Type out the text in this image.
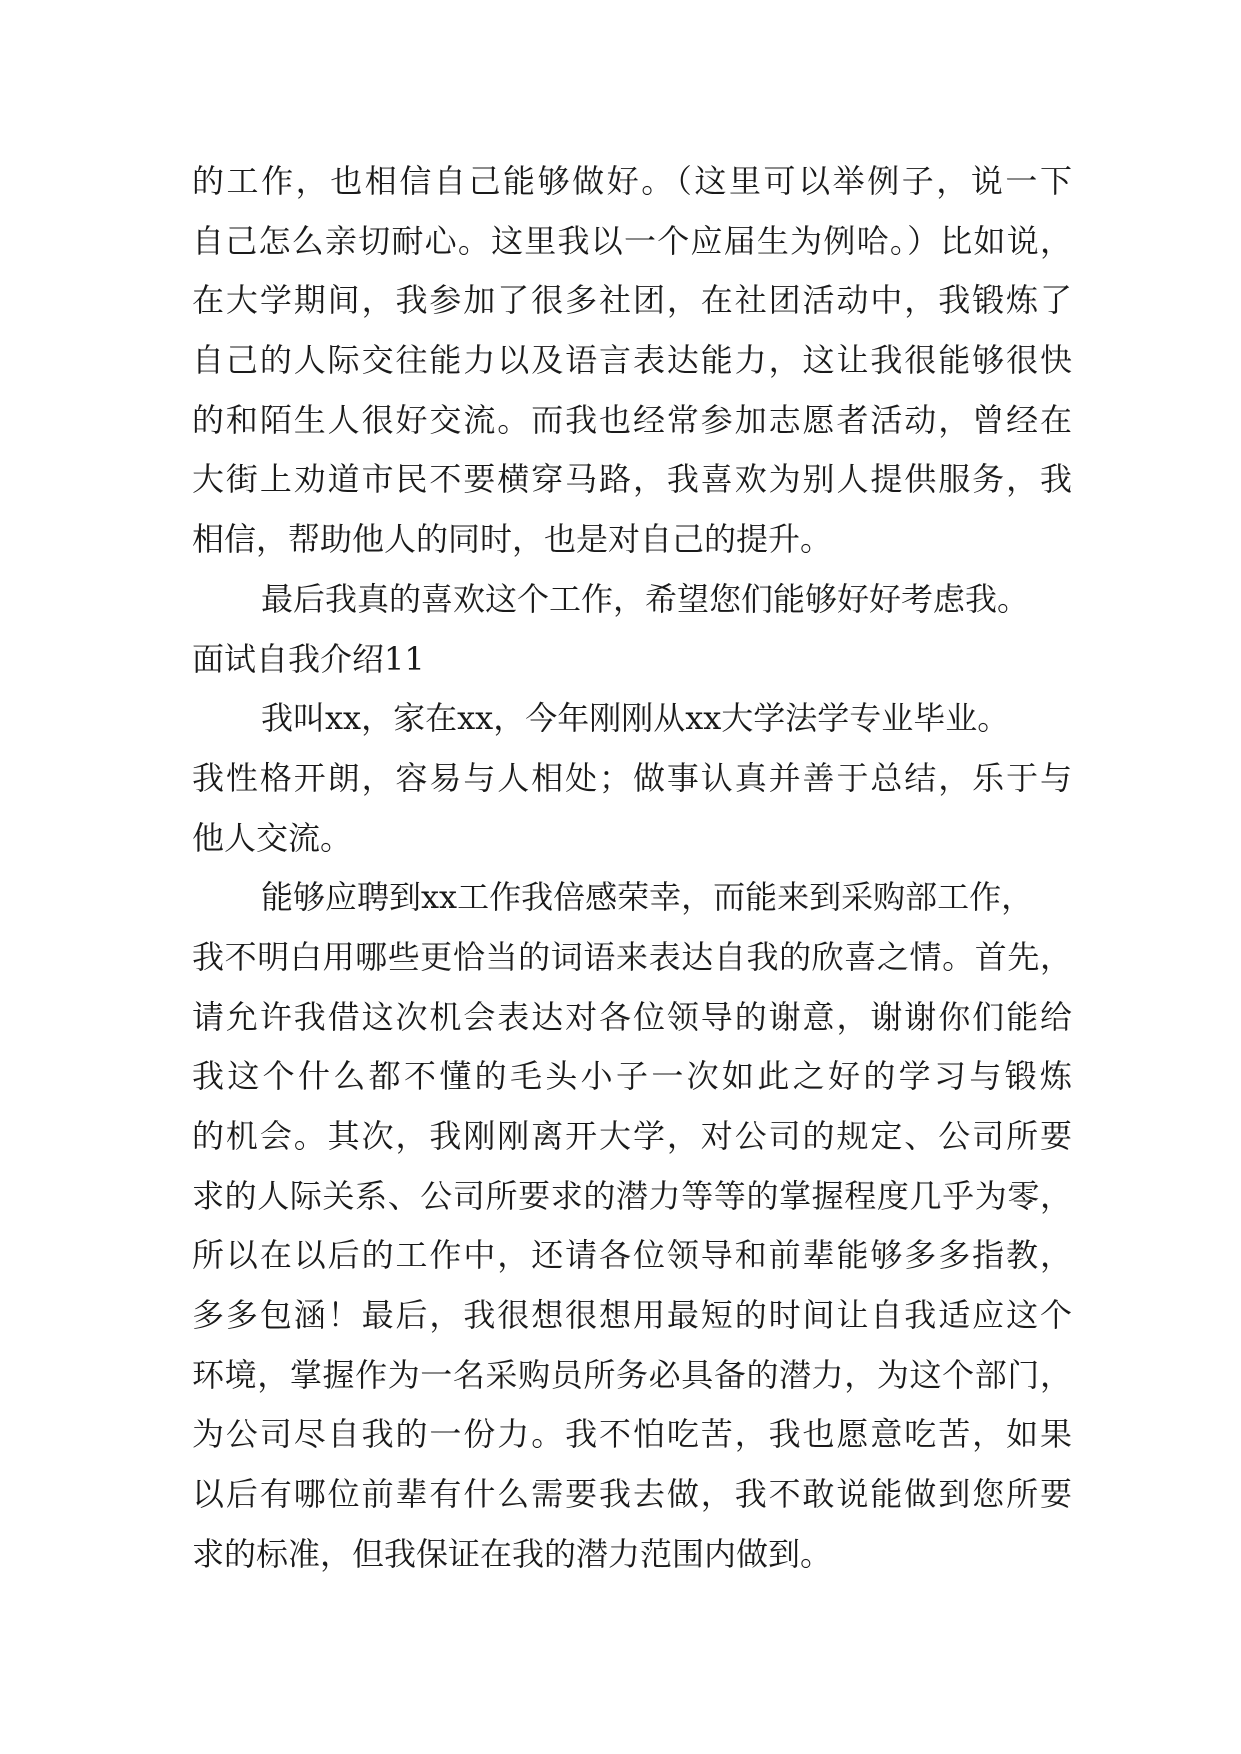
的工作，也相信自己能够做好。（这里可以举例子，说一下
自己怎么亲切耐心。这里我以一个应届生为例哈。）比如说，
在大学期间，我参加了很多社团，在社团活动中，我锻炼了
自己的人际交往能力以及语言表达能力，这让我很能够很快
的和陌生人很好交流。而我也经常参加志愿者活动，曾经在
大街上劝道市民不要横穿马路，我喜欢为别人提供服务，我
相信，帮助他人的同时，也是对自己的提升。
最后我真的喜欢这个工作，希望您们能够好好考虑我。
面试自我介绍11
我叫xx，家在xx，今年刚刚从xx大学法学专业毕业。
我性格开朗，容易与人相处；做事认真并善于总结，乐于与
他人交流。
能够应聘到xx工作我倍感荣幸，而能来到采购部工作，
我不明白用哪些更恰当的词语来表达自我的欣喜之情。首先，
请允许我借这次机会表达对各位领导的谢意，谢谢你们能给
我这个什么都不懂的毛头小子一次如此之好的学习与锻炼
的机会。其次，我刚刚离开大学，对公司的规定、公司所要
求的人际关系、公司所要求的潜力等等的掌握程度几乎为零，
所以在以后的工作中，还请各位领导和前辈能够多多指教，
多多包涵！最后，我很想很想用最短的时间让自我适应这个
环境，掌握作为一名采购员所务必具备的潜力，为这个部门，
为公司尽自我的一份力。我不怕吃苦，我也愿意吃苦，如果
以后有哪位前辈有什么需要我去做，我不敢说能做到您所要
求的标准，但我保证在我的潜力范围内做到。
